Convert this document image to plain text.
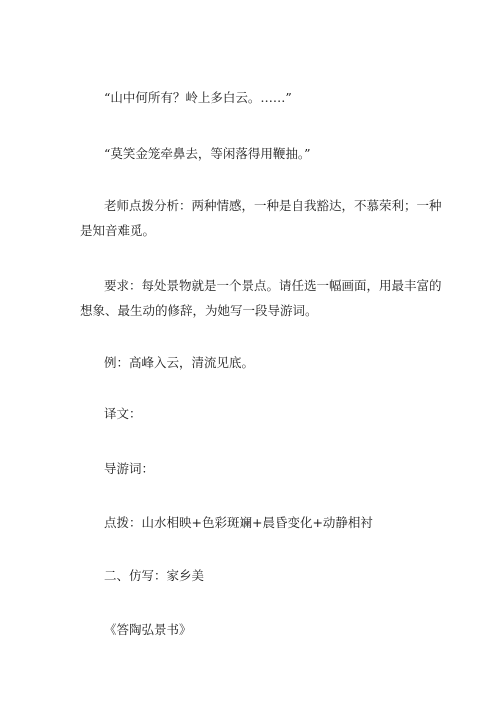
“山中何所有？岭上多白云。……”
“莫笑金笼牵鼻去，等闲落得用鞭抽。”
老师点拨分析：两种情感，一种是自我豁达，不慕荣利；一种
是知音难觅。
要求：每处景物就是一个景点。请任选一幅画面，用最丰富的
想象、最生动的修辞，为她写一段导游词。
例：高峰入云，清流见底。
译文：
导游词：
点拨：山水相映+色彩斑斓+晨昏变化+动静相衬
二、仿写：家乡美
《答陶弘景书》
